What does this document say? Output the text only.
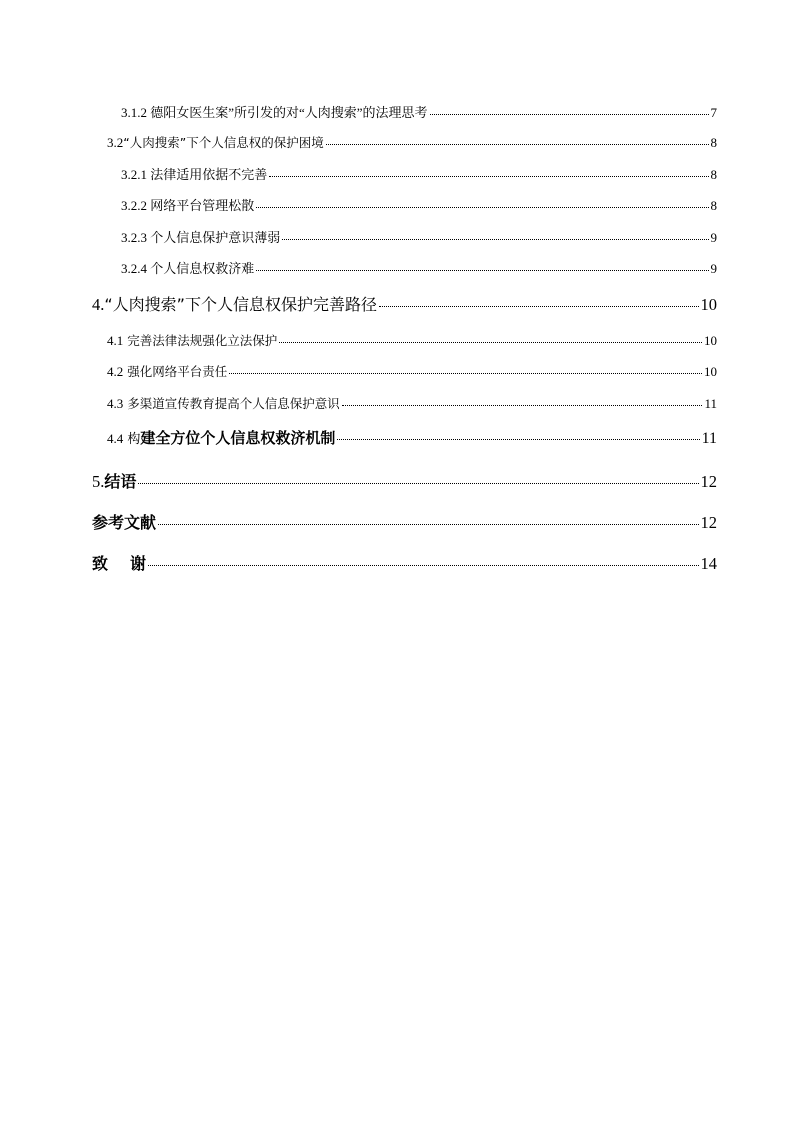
3.1.2 德阳女医生案”所引发的对“人肉搜索”的法理思考	7
3.2“人肉搜索”下个人信息权的保护困境	8
3.2.1 法律适用依据不完善	8
3.2.2 网络平台管理松散	8
3.2.3 个人信息保护意识薄弱	9
3.2.4 个人信息权救济难	9
4.“人肉搜索”下个人信息权保护完善路径	10
4.1 完善法律法规强化立法保护	10
4.2 强化网络平台责任	10
4.3 多渠道宣传教育提高个人信息保护意识	11
4.4 构建全方位个人信息权救济机制	11
5.结语	12
参考文献	12
致 谢	14
